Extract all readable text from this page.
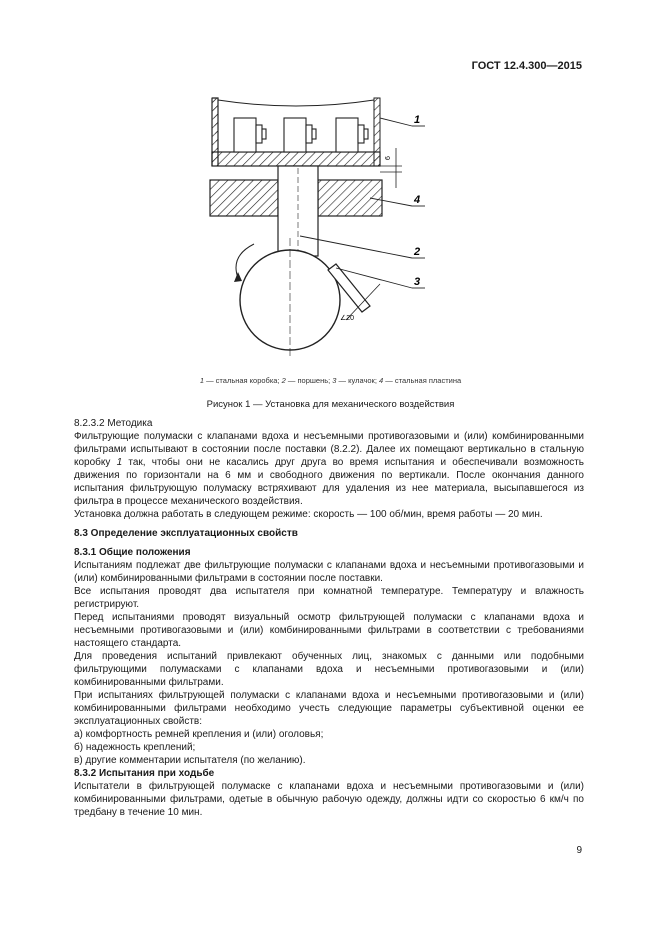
ГОСТ 12.4.300—2015
6
∠20
1
4
2
3
1 — стальная коробка; 2 — поршень; 3 — кулачок; 4 — стальная пластина
Рисунок 1 — Установка для механического воздействия

8.2.3.2 Методика

Фильтрующие полумаски с клапанами вдоха и несъемными противогазовыми и (или) комбинированными фильтрами испытывают в состоянии после поставки (8.2.2). Далее их помещают вертикально в стальную коробку 1 так, чтобы они не касались друг друга во время испытания и обеспечивали возможность движения по горизонтали на 6 мм и свободного движения по вертикали. После окончания данного испытания фильтрующую полумаску встряхивают для удаления из нее материала, высыпавшегося из фильтра в процессе механического воздействия.

Установка должна работать в следующем режиме: скорость — 100 об/мин, время работы — 20 мин.

8.3 Определение эксплуатационных свойств

8.3.1 Общие положения

Испытаниям подлежат две фильтрующие полумаски с клапанами вдоха и несъемными противогазовыми и (или) комбинированными фильтрами в состоянии после поставки.

Все испытания проводят два испытателя при комнатной температуре. Температуру и влажность регистрируют.

Перед испытаниями проводят визуальный осмотр фильтрующей полумаски с клапанами вдоха и несъемными противогазовыми и (или) комбинированными фильтрами в соответствии с требованиями настоящего стандарта.

Для проведения испытаний привлекают обученных лиц, знакомых с данными или подобными фильтрующими полумасками с клапанами вдоха и несъемными противогазовыми и (или) комбинированными фильтрами.

При испытаниях фильтрующей полумаски с клапанами вдоха и несъемными противогазовыми и (или) комбинированными фильтрами необходимо учесть следующие параметры субъективной оценки ее эксплуатационных свойств:

а) комфортность ремней крепления и (или) оголовья;

б) надежность креплений;

в) другие комментарии испытателя (по желанию).

8.3.2 Испытания при ходьбе

Испытатели в фильтрующей полумаске с клапанами вдоха и несъемными противогазовыми и (или) комбинированными фильтрами, одетые в обычную рабочую одежду, должны идти со скоростью 6 км/ч по тредбану в течение 10 мин.

9
